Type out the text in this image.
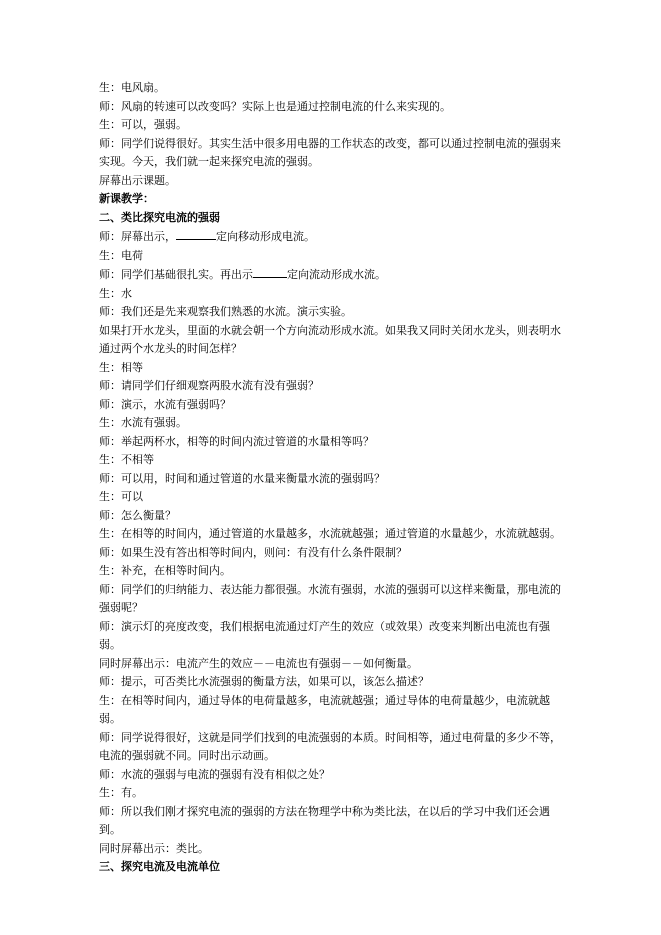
生：电风扇。

师：风扇的转速可以改变吗？实际上也是通过控制电流的什么来实现的。

生：可以，强弱。

师：同学们说得很好。其实生活中很多用电器的工作状态的改变，都可以通过控制电流的强弱来实现。今天，我们就一起来探究电流的强弱。

屏幕出示课题。

新课教学：

二、类比探究电流的强弱

师：屏幕出示，	定向移动形成电流。

生：电荷

师：同学们基础很扎实。再出示	定向流动形成水流。

生：水

师：我们还是先来观察我们熟悉的水流。演示实验。

如果打开水龙头，里面的水就会朝一个方向流动形成水流。如果我又同时关闭水龙头，则表明水通过两个水龙头的时间怎样？

生：相等

师：请同学们仔细观察两股水流有没有强弱？

师：演示，水流有强弱吗？

生：水流有强弱。

师：举起两杯水，相等的时间内流过管道的水量相等吗？

生：不相等

师：可以用，时间和通过管道的水量来衡量水流的强弱吗？

生：可以

师：怎么衡量？

生：在相等的时间内，通过管道的水量越多，水流就越强；通过管道的水量越少，水流就越弱。

师：如果生没有答出相等时间内，则问：有没有什么条件限制？

生：补充，在相等时间内。

师：同学们的归纳能力、表达能力都很强。水流有强弱，水流的强弱可以这样来衡量，那电流的强弱呢？

师：演示灯的亮度改变，我们根据电流通过灯产生的效应（或效果）改变来判断出电流也有强弱。

同时屏幕出示：电流产生的效应－－电流也有强弱－－如何衡量。

师：提示，可否类比水流强弱的衡量方法，如果可以，该怎么描述？

生：在相等时间内，通过导体的电荷量越多，电流就越强；通过导体的电荷量越少，电流就越弱。

师：同学说得很好，这就是同学们找到的电流强弱的本质。时间相等，通过电荷量的多少不等，电流的强弱就不同。同时出示动画。

师：水流的强弱与电流的强弱有没有相似之处？

生：有。

师：所以我们刚才探究电流的强弱的方法在物理学中称为类比法，在以后的学习中我们还会遇到。

同时屏幕出示：类比。

三、探究电流及电流单位
